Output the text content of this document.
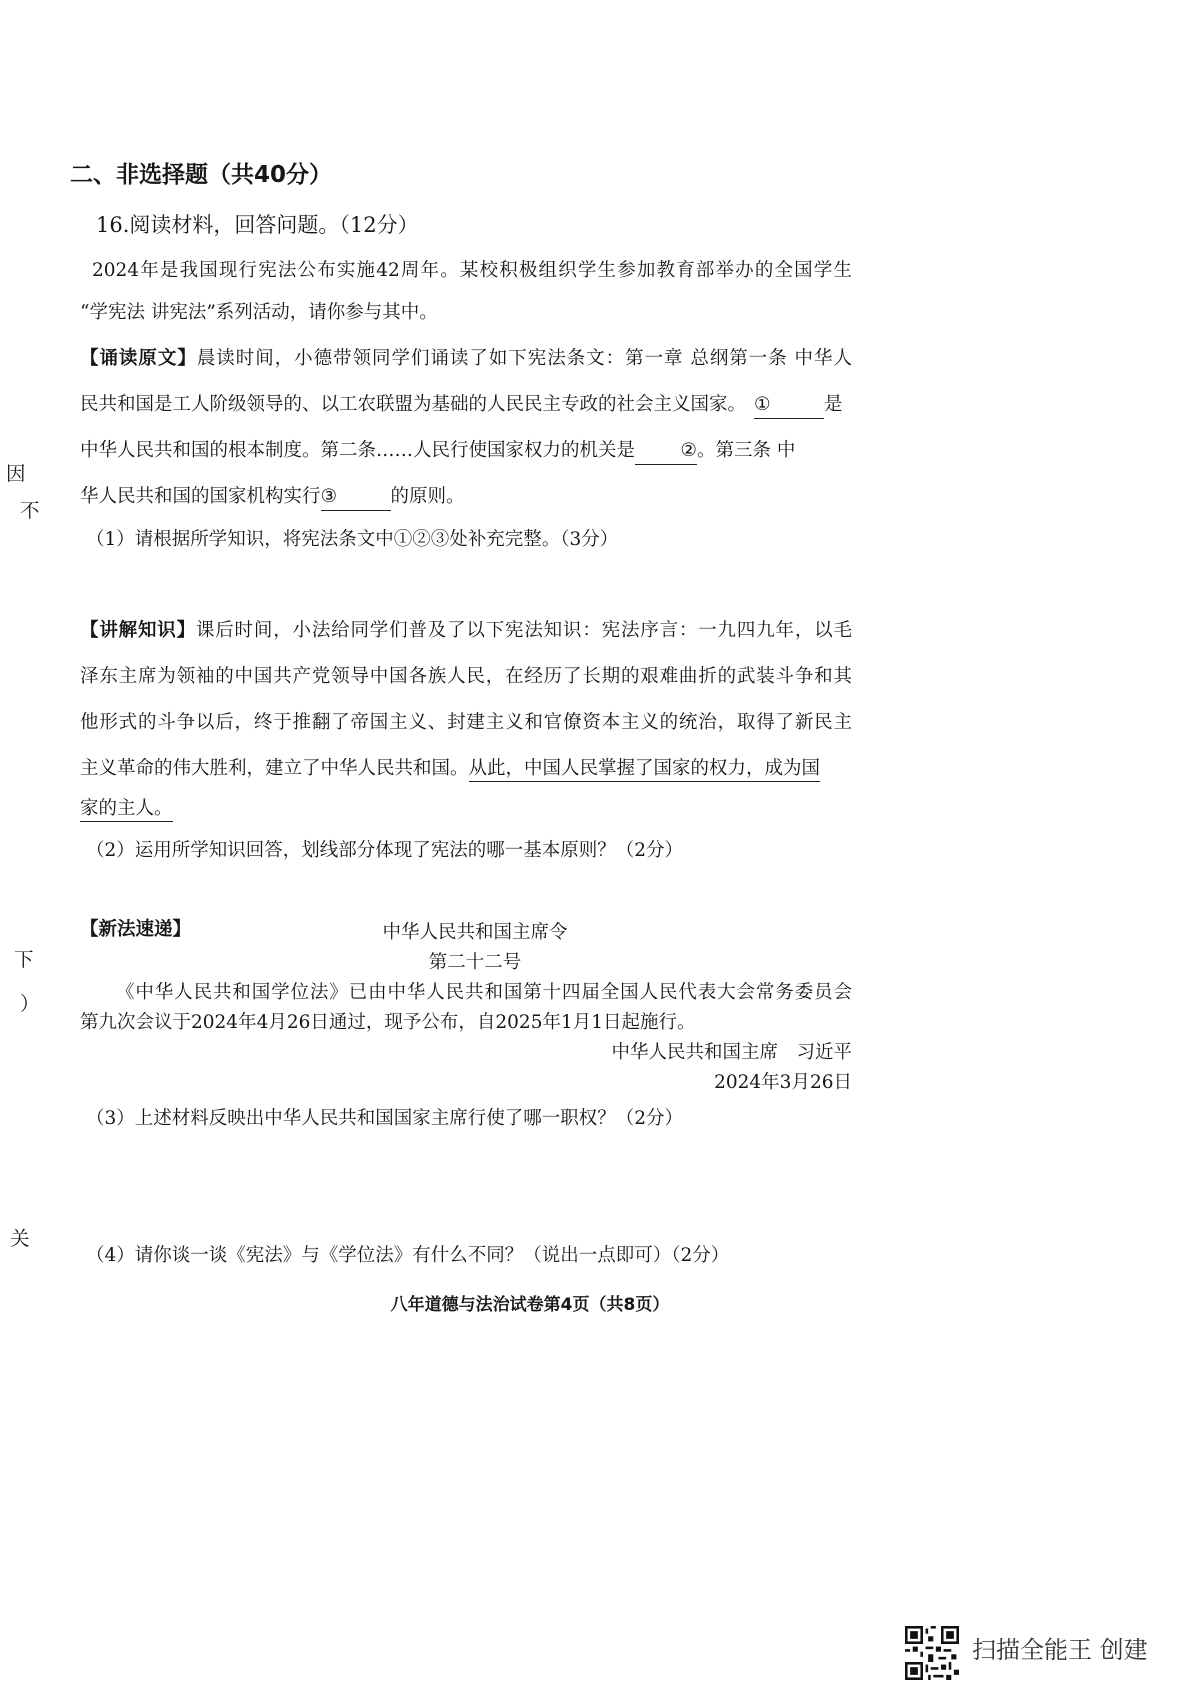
因
不
下
）
关
二、非选择题（共40分）
16.阅读材料，回答问题。（12分）
2024年是我国现行宪法公布实施42周年。某校积极组织学生参加教育部举办的全国学生
“学宪法 讲宪法”系列活动，请你参与其中。
【诵读原文】晨读时间，小德带领同学们诵读了如下宪法条文：第一章 总纲第一条 中华人
民共和国是工人阶级领导的、以工农联盟为基础的人民民主专政的社会主义国家。 ①	是
中华人民共和国的根本制度。第二条……人民行使国家权力的机关是 ②。第三条 中
华人民共和国的国家机构实行③	的原则。
（1）请根据所学知识，将宪法条文中①②③处补充完整。（3分）
【讲解知识】课后时间，小法给同学们普及了以下宪法知识：宪法序言：一九四九年，以毛
泽东主席为领袖的中国共产党领导中国各族人民，在经历了长期的艰难曲折的武装斗争和其
他形式的斗争以后，终于推翻了帝国主义、封建主义和官僚资本主义的统治，取得了新民主
主义革命的伟大胜利，建立了中华人民共和国。从此，中国人民掌握了国家的权力，成为国
家的主人。
（2）运用所学知识回答，划线部分体现了宪法的哪一基本原则？（2分）
【新法速递】	中华人民共和国主席令
第二十二号
《中华人民共和国学位法》已由中华人民共和国第十四届全国人民代表大会常务委员会
第九次会议于2024年4月26日通过，现予公布，自2025年1月1日起施行。
中华人民共和国主席　习近平
2024年3月26日
（3）上述材料反映出中华人民共和国国家主席行使了哪一职权？（2分）
（4）请你谈一谈《宪法》与《学位法》有什么不同？（说出一点即可）（2分）
八年道德与法治试卷第4页（共8页）
扫描全能王 创建
